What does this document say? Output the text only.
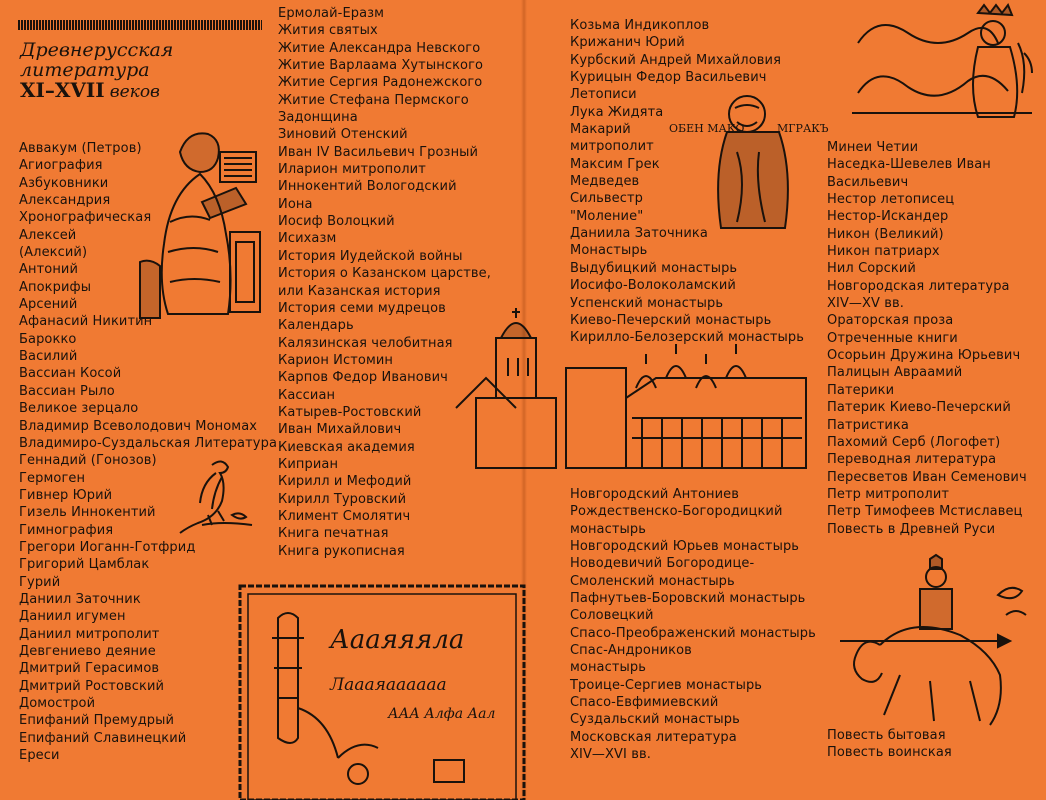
Древнерусская
литература
XI–XVII веков
Аввакум (Петров)
Агиография
Азбуковники
Александрия
Хронографическая
Алексей
(Алексий)
Антоний
Апокрифы
Арсений
Афанасий Никитин
Барокко
Василий
Вассиан Косой
Вассиан Рыло
Великое зерцало
Владимир Всеволодович Мономах
Владимиро-Суздальская Литература
Геннадий (Гонозов)
Гермоген
Гивнер Юрий
Гизель Иннокентий
Гимнография
Грегори Иоганн-Готфрид
Григорий Цамблак
Гурий
Даниил Заточник
Даниил игумен
Даниил митрополит
Девгениево деяние
Дмитрий Герасимов
Дмитрий Ростовский
Домострой
Епифаний Премудрый
Епифаний Славинецкий
Ереси
Ермолай-Еразм
Жития святых
Житие Александра Невского
Житие Варлаама Хутынского
Житие Сергия Радонежского
Житие Стефана Пермского
Задонщина
Зиновий Отенский
Иван IV Васильевич Грозный
Иларион митрополит
Иннокентий Вологодский
Иона
Иосиф Волоцкий
Исихазм
История Иудейской войны
История о Казанском царстве,
или Казанская история
История семи мудрецов
Календарь
Калязинская челобитная
Карион Истомин
Карпов Федор Иванович
Кассиан
Катырев-Ростовский
Иван Михайлович
Киевская академия
Киприан
Кирилл и Мефодий
Кирилл Туровский
Климент Смолятич
Книга печатная
Книга рукописная
Козьма Индикоплов
Крижанич Юрий
Курбский Андрей Михайловия
Курицын Федор Васильевич
Летописи
Лука Жидята
Макарий
митрополит
Максим Грек
Медведев
Сильвестр
"Моление"
Даниила Заточника
Монастырь
Выдубицкий монастырь
Иосифо-Волоколамский
Успенский монастырь
Киево-Печерский монастырь
Кирилло-Белозерский монастырь
Новгородский Антониев
Рождественско-Богородицкий
монастырь
Новгородский Юрьев монастырь
Новодевичий Богородице-
Смоленский монастырь
Пафнутьев-Боровский монастырь
Соловецкий
Спасо-Преображенский монастырь
Спас-Андроников
монастырь
Троице-Сергиев монастырь
Спасо-Евфимиевский
Суздальский монастырь
Московская литература
XIV—XVI вв.
Минеи Четии
Наседка-Шевелев Иван
Васильевич
Нестор летописец
Нестор-Искандер
Никон (Великий)
Никон патриарх
Нил Сорский
Новгородская литература
XIV—XV вв.
Ораторская проза
Отреченные книги
Осорьин Дружина Юрьевич
Палицын Авраамий
Патерики
Патерик Киево-Печерский
Патристика
Пахомий Серб (Логофет)
Переводная литература
Пересветов Иван Семенович
Петр митрополит
Петр Тимофеев Мстиславец
Повесть в Древней Руси
Повесть бытовая
Повесть воинская
Аааяяяла
Лаааяаааааа
ААА Алфа Аал
ОБЕН МАКО	МГРАКЪ
